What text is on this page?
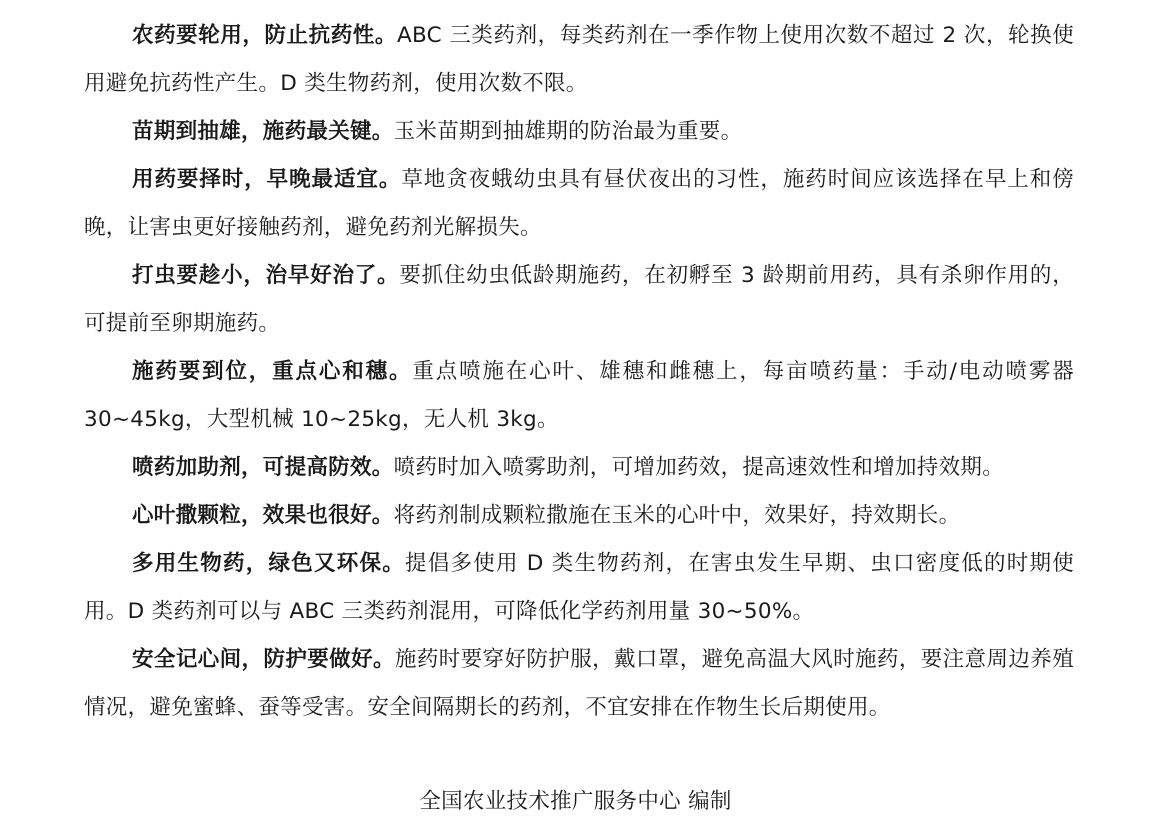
农药要轮用，防止抗药性。ABC 三类药剂，每类药剂在一季作物上使用次数不超过 2 次，轮换使用避免抗药性产生。D 类生物药剂，使用次数不限。

苗期到抽雄，施药最关键。玉米苗期到抽雄期的防治最为重要。

用药要择时，早晚最适宜。草地贪夜蛾幼虫具有昼伏夜出的习性，施药时间应该选择在早上和傍晚，让害虫更好接触药剂，避免药剂光解损失。

打虫要趁小，治早好治了。要抓住幼虫低龄期施药，在初孵至 3 龄期前用药，具有杀卵作用的，可提前至卵期施药。

施药要到位，重点心和穗。重点喷施在心叶、雄穗和雌穗上，每亩喷药量：手动/电动喷雾器 30~45kg，大型机械 10~25kg，无人机 3kg。

喷药加助剂，可提高防效。喷药时加入喷雾助剂，可增加药效，提高速效性和增加持效期。

心叶撒颗粒，效果也很好。将药剂制成颗粒撒施在玉米的心叶中，效果好，持效期长。

多用生物药，绿色又环保。提倡多使用 D 类生物药剂，在害虫发生早期、虫口密度低的时期使用。D 类药剂可以与 ABC 三类药剂混用，可降低化学药剂用量 30~50%。

安全记心间，防护要做好。施药时要穿好防护服，戴口罩，避免高温大风时施药，要注意周边养殖情况，避免蜜蜂、蚕等受害。安全间隔期长的药剂，不宜安排在作物生长后期使用。

全国农业技术推广服务中心 编制
